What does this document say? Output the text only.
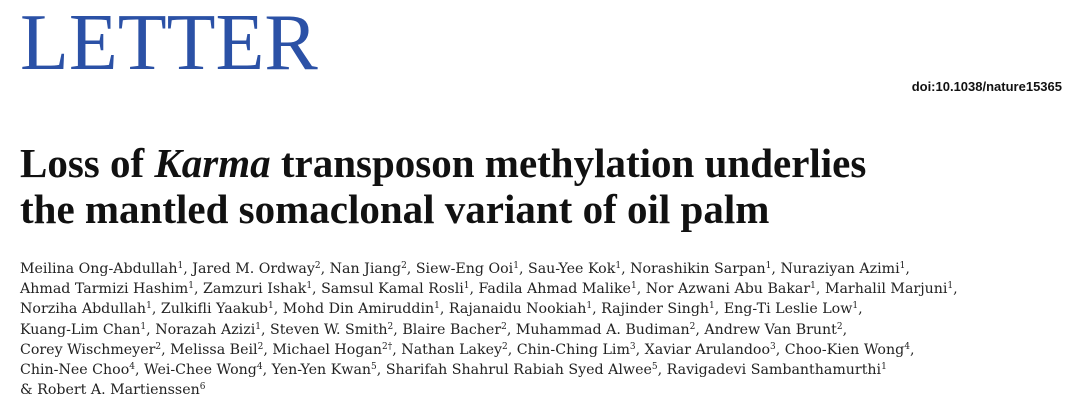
LETTER	doi:10.1038/nature15365
Loss of Karma transposon methylation underlies
the mantled somaclonal variant of oil palm
Meilina Ong-Abdullah$^1$, Jared M. Ordway$^2$, Nan Jiang$^2$, Siew-Eng Ooi$^1$, Sau-Yee Kok$^1$, Norashikin Sarpan$^1$, Nuraziyan Azimi$^1$,
Ahmad Tarmizi Hashim$^1$, Zamzuri Ishak$^1$, Samsul Kamal Rosli$^1$, Fadila Ahmad Malike$^1$, Nor Azwani Abu Bakar$^1$, Marhalil Marjuni$^1$,
Norziha Abdullah$^1$, Zulkifli Yaakub$^1$, Mohd Din Amiruddin$^1$, Rajanaidu Nookiah$^1$, Rajinder Singh$^1$, Eng-Ti Leslie Low$^1$,
Kuang-Lim Chan$^1$, Norazah Azizi$^1$, Steven W. Smith$^2$, Blaire Bacher$^2$, Muhammad A. Budiman$^2$, Andrew Van Brunt$^2$,
Corey Wischmeyer$^2$, Melissa Beil$^2$, Michael Hogan$^{2\dagger}$, Nathan Lakey$^2$, Chin-Ching Lim$^3$, Xaviar Arulandoo$^3$, Choo-Kien Wong$^4$,
Chin-Nee Choo$^4$, Wei-Chee Wong$^4$, Yen-Yen Kwan$^5$, Sharifah Shahrul Rabiah Syed Alwee$^5$, Ravigadevi Sambanthamurthi$^1$
& Robert A. Martienssen$^6$
